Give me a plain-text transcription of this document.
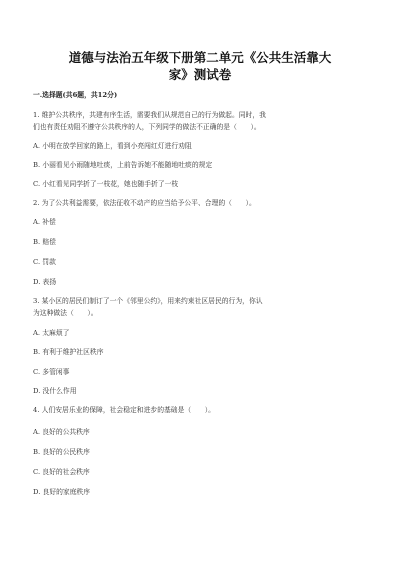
道德与法治五年级下册第二单元《公共生活靠大
家》测试卷
一.选择题(共6题，共12分)
1. 维护公共秩序，共建有序生活，需要我们从规范自己的行为做起。同时，我
们也有责任劝阻不遵守公共秩序的人，下列同学的做法不正确的是（　　）。
A. 小明在放学回家的路上，看到小亮闯红灯进行劝阻
B. 小丽看见小雨随地吐痰，上前告诉她不能随地吐痰的规定
C. 小红看见同学折了一枝花，她也随手折了一枝
2. 为了公共利益需要，依法征收不动产的应当给予公平、合理的（　　）。
A. 补偿
B. 赔偿
C. 罚款
D. 表扬
3. 某小区的居民们制订了一个《邻里公约》，用来约束社区居民的行为，你认
为这种做法（　　）。
A. 太麻烦了
B. 有利于维护社区秩序
C. 多管闲事
D. 没什么作用
4. 人们安居乐业的保障，社会稳定和进步的基础是（　　）。
A. 良好的公共秩序
B. 良好的公民秩序
C. 良好的社会秩序
D. 良好的家庭秩序
